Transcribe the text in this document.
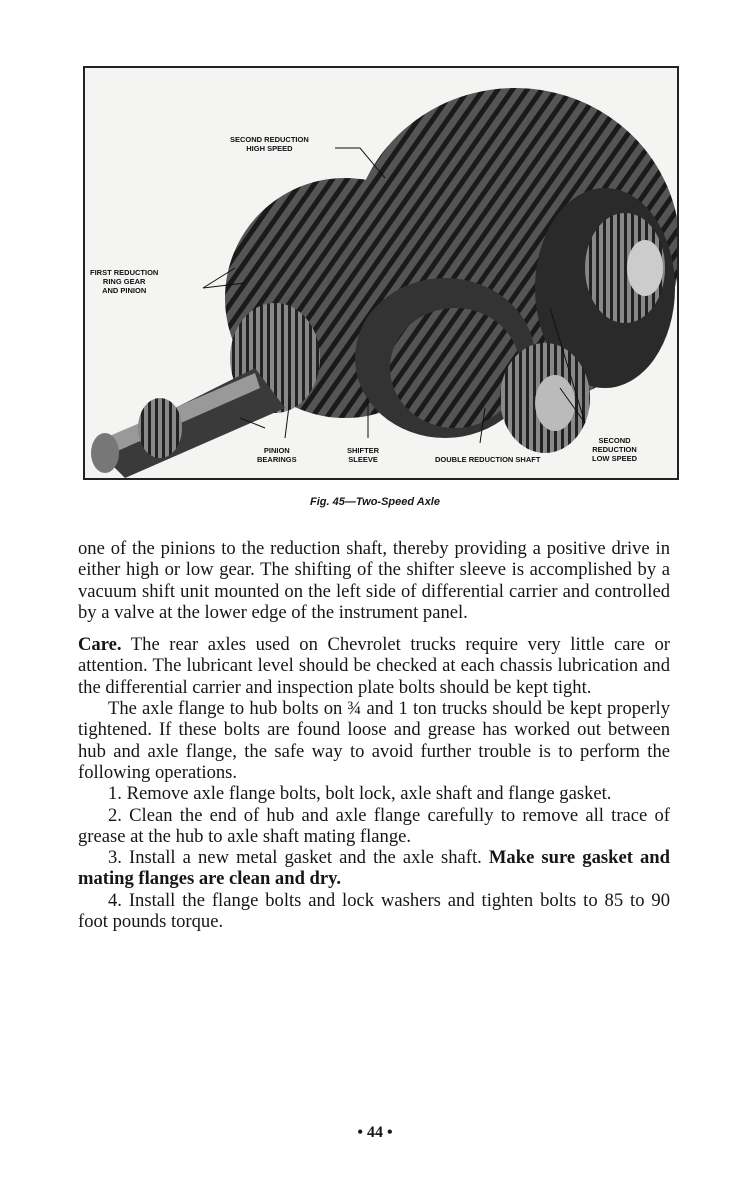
SECOND REDUCTION
HIGH SPEED
FIRST REDUCTION
RING GEAR
AND PINION
PINION
BEARINGS
SHIFTER
SLEEVE	DOUBLE REDUCTION SHAFT
SECOND
REDUCTION
LOW SPEED
Fig. 45—Two-Speed Axle

one of the pinions to the reduction shaft, thereby providing a positive drive in either high or low gear. The shifting of the shifter sleeve is accomplished by a vacuum shift unit mounted on the left side of differential carrier and controlled by a valve at the lower edge of the instrument panel.

Care. The rear axles used on Chevrolet trucks require very little care or attention. The lubricant level should be checked at each chassis lubrication and the differential carrier and inspection plate bolts should be kept tight.

The axle flange to hub bolts on ¾ and 1 ton trucks should be kept properly tightened. If these bolts are found loose and grease has worked out between hub and axle flange, the safe way to avoid further trouble is to perform the following operations.

1. Remove axle flange bolts, bolt lock, axle shaft and flange gasket.

2. Clean the end of hub and axle flange carefully to remove all trace of grease at the hub to axle shaft mating flange.

3. Install a new metal gasket and the axle shaft. Make sure gasket and mating flanges are clean and dry.

4. Install the flange bolts and lock washers and tighten bolts to 85 to 90 foot pounds torque.

• 44 •
